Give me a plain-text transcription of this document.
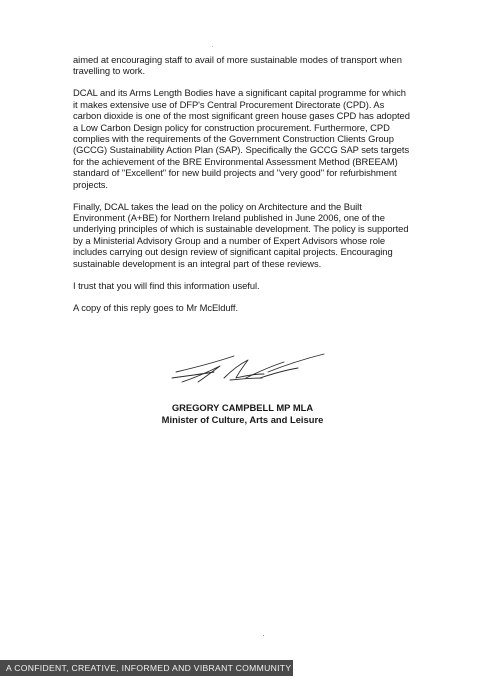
aimed at encouraging staff to avail of more sustainable modes of transport when travelling to work.

DCAL and its Arms Length Bodies have a significant capital programme for which it makes extensive use of DFP's Central Procurement Directorate (CPD). As carbon dioxide is one of the most significant green house gases CPD has adopted a Low Carbon Design policy for construction procurement. Furthermore, CPD complies with the requirements of the Government Construction Clients Group (GCCG) Sustainability Action Plan (SAP). Specifically the GCCG SAP sets targets for the achievement of the BRE Environmental Assessment Method (BREEAM) standard of "Excellent" for new build projects and "very good" for refurbishment projects.

Finally, DCAL takes the lead on the policy on Architecture and the Built Environment (A+BE) for Northern Ireland published in June 2006, one of the underlying principles of which is sustainable development. The policy is supported by a Ministerial Advisory Group and a number of Expert Advisors whose role includes carrying out design review of significant capital projects. Encouraging sustainable development is an integral part of these reviews.

I trust that you will find this information useful.

A copy of this reply goes to Mr McElduff.

GREGORY CAMPBELL MP MLA
Minister of Culture, Arts and Leisure
A CONFIDENT, CREATIVE, INFORMED AND VIBRANT COMMUNITY
